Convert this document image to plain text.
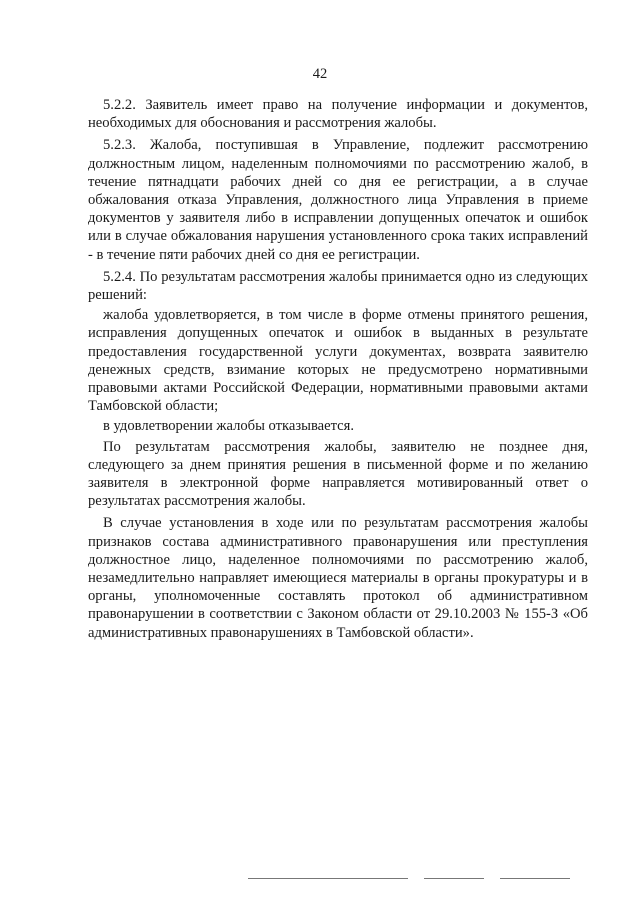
42

5.2.2. Заявитель имеет право на получение информации и документов, необходимых для обоснования и рассмотрения жалобы.

5.2.3. Жалоба, поступившая в Управление, подлежит рассмотрению должностным лицом, наделенным полномочиями по рассмотрению жалоб, в течение пятнадцати рабочих дней со дня ее регистрации, а в случае обжалования отказа Управления, должностного лица Управления в приеме документов у заявителя либо в исправлении допущенных опечаток и ошибок или в случае обжалования нарушения установленного срока таких исправлений - в течение пяти рабочих дней со дня ее регистрации.

5.2.4. По результатам рассмотрения жалобы принимается одно из следующих решений:

жалоба удовлетворяется, в том числе в форме отмены принятого решения, исправления допущенных опечаток и ошибок в выданных в результате предоставления государственной услуги документах, возврата заявителю денежных средств, взимание которых не предусмотрено нормативными правовыми актами Российской Федерации, нормативными правовыми актами Тамбовской области;

в удовлетворении жалобы отказывается.

По результатам рассмотрения жалобы, заявителю не позднее дня, следующего за днем принятия решения в письменной форме и по желанию заявителя в электронной форме направляется мотивированный ответ о результатах рассмотрения жалобы.

В случае установления в ходе или по результатам рассмотрения жалобы признаков состава административного правонарушения или преступления должностное лицо, наделенное полномочиями по рассмотрению жалоб, незамедлительно направляет имеющиеся материалы в органы прокуратуры и в органы, уполномоченные составлять протокол об административном правонарушении в соответствии с Законом области от 29.10.2003 № 155-З «Об административных правонарушениях в Тамбовской области».
